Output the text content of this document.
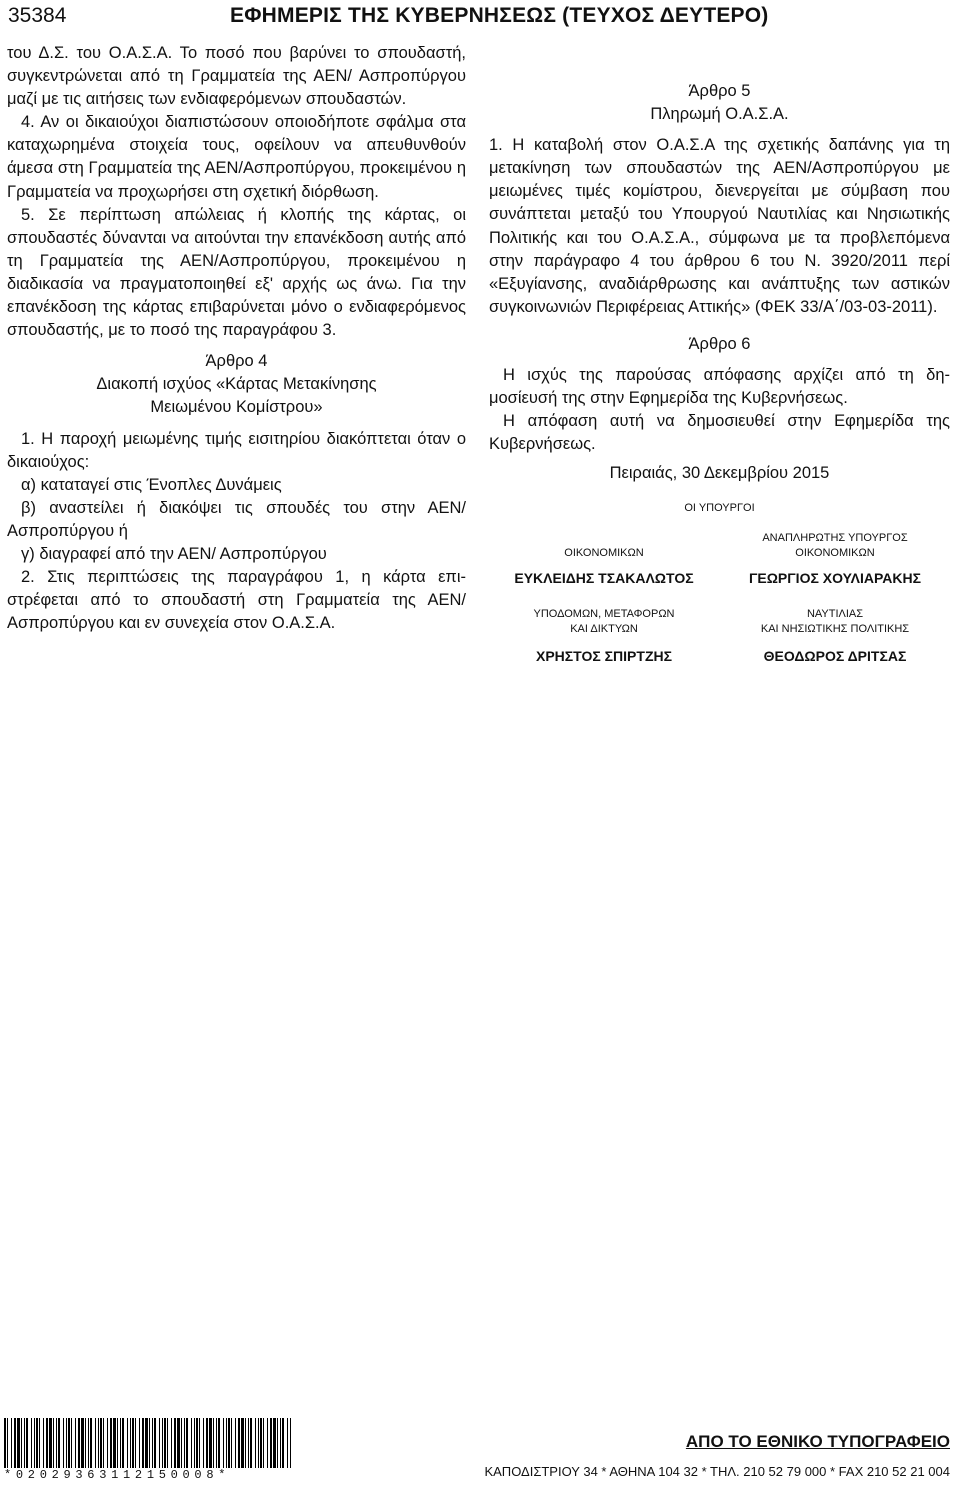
35384	ΕΦΗΜΕΡΙΣ ΤΗΣ ΚΥΒΕΡΝΗΣΕΩΣ (ΤΕΥΧΟΣ ΔΕΥΤΕΡΟ)

του Δ.Σ. του Ο.Α.Σ.Α. Το ποσό που βαρύνει το σπουδαστή, συγκεντρώνεται από τη Γραμματεία της ΑΕΝ/ Ασπροπύργου μαζί με τις αιτήσεις των ενδιαφερόμενων σπουδαστών.

4. Αν οι δικαιούχοι διαπιστώσουν οποιοδήποτε σφάλμα στα καταχωρημένα στοιχεία τους, οφείλουν να απευθυνθούν άμεσα στη Γραμματεία της ΑΕΝ/Ασπροπύργου, προκειμένου η Γραμματεία να προχωρήσει στη σχετική διόρθωση.

5. Σε περίπτωση απώλειας ή κλοπής της κάρτας, οι σπουδαστές δύνανται να αιτούνται την επανέκδοση αυτής από τη Γραμματεία της ΑΕΝ/Ασπροπύργου, προκειμένου η διαδικασία να πραγματοποιηθεί εξ' αρχής ως άνω. Για την επανέκδοση της κάρτας επιβαρύνεται μόνο ο ενδιαφερόμενος σπουδαστής, με το ποσό της παραγράφου 3.

Άρθρο 4

Διακοπή ισχύος «Κάρτας Μετακίνησης

Μειωμένου Κομίστρου»

1. Η παροχή μειωμένης τιμής εισιτηρίου διακόπτεται όταν ο δικαιούχος:

α) καταταγεί στις Ένοπλες Δυνάμεις

β) αναστείλει ή διακόψει τις σπουδές του στην ΑΕΝ/ Ασπροπύργου ή

γ) διαγραφεί από την ΑΕΝ/ Ασπροπύργου

2. Στις περιπτώσεις της παραγράφου 1, η κάρτα επιστρέφεται από το σπουδαστή στη Γραμματεία της ΑΕΝ/ Ασπροπύργου και εν συνεχεία στον Ο.Α.Σ.Α.

Άρθρο 5

Πληρωμή Ο.Α.Σ.Α.

1. Η καταβολή στον Ο.Α.Σ.Α της σχετικής δαπάνης για τη μετακίνηση των σπουδαστών της ΑΕΝ/Ασπροπύργου με μειωμένες τιμές κομίστρου, διενεργείται με σύμβαση που συνάπτεται μεταξύ του Υπουργού Ναυτιλίας και Νησιωτικής Πολιτικής και του Ο.Α.Σ.Α., σύμφωνα με τα προβλεπόμενα στην παράγραφο 4 του άρθρου 6 του Ν. 3920/2011 περί «Εξυγίανσης, αναδιάρθρωσης και ανάπτυξης των αστικών συγκοινωνιών Περιφέρειας Αττικής» (ΦΕΚ 33/Α΄/03-03-2011).

Άρθρο 6

Η ισχύς της παρούσας απόφασης αρχίζει από τη δημοσίευσή της στην Εφημερίδα της Κυβερνήσεως.

Η απόφαση αυτή να δημοσιευθεί στην Εφημερίδα της Κυβερνήσεως.

Πειραιάς, 30 Δεκεμβρίου 2015

ΟΙ ΥΠΟΥΡΓΟΙ

ΟΙΚΟΝΟΜΙΚΩΝ
ΕΥΚΛΕΙΔΗΣ ΤΣΑΚΑΛΩΤΟΣ
ΑΝΑΠΛΗΡΩΤΗΣ ΥΠΟΥΡΓΟΣ
ΟΙΚΟΝΟΜΙΚΩΝ
ΓΕΩΡΓΙΟΣ ΧΟΥΛΙΑΡΑΚΗΣ
ΥΠΟΔΟΜΩΝ, ΜΕΤΑΦΟΡΩΝ
ΚΑΙ ΔΙΚΤΥΩΝ
ΧΡΗΣΤΟΣ ΣΠΙΡΤΖΗΣ
ΝΑΥΤΙΛΙΑΣ
ΚΑΙ ΝΗΣΙΩΤΙΚΗΣ ΠΟΛΙΤΙΚΗΣ
ΘΕΟΔΩΡΟΣ ΔΡΙΤΣΑΣ
*02029363112150008*
ΑΠΟ ΤΟ ΕΘΝΙΚΟ ΤΥΠΟΓΡΑΦΕΙΟ
ΚΑΠΟΔΙΣΤΡΙΟΥ 34 * ΑΘΗΝΑ 104 32 * ΤΗΛ. 210 52 79 000 * FAX 210 52 21 004
